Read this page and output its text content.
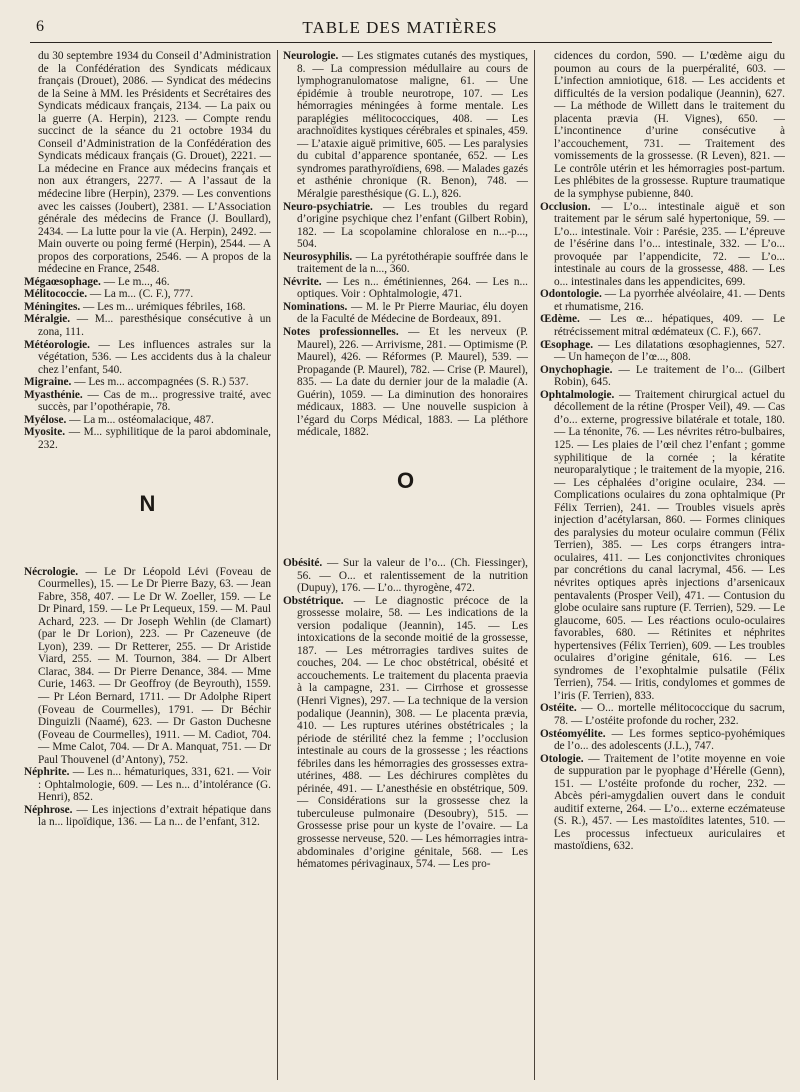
6	TABLE DES MATIÈRES

du 30 septembre 1934 du Conseil d’Administration de la Confédération des Syndicats médicaux français (Drouet), 2086. — Syndicat des médecins de la Seine à MM. les Présidents et Secrétaires des Syndicats médicaux français, 2134. — La paix ou la guerre (A. Herpin), 2123. — Compte rendu succinct de la séance du 21 octobre 1934 du Conseil d’Administration de la Confédération des Syndicats médicaux français (G. Drouet), 2221. — La médecine en France aux médecins français et non aux étrangers, 2277. — A l’assaut de la médecine libre (Herpin), 2379. — Les conventions avec les caisses (Joubert), 2381. — L’Association générale des médecins de France (J. Boullard), 2434. — La lutte pour la vie (A. Herpin), 2492. — Main ouverte ou poing fermé (Herpin), 2544. — A propos des corporations, 2546. — A propos de la médecine en France, 2548.

Mégaœsophage. — Le m..., 46.

Mélitococcie. — La m... (C. F.), 777.

Méningites. — Les m... urémiques fébriles, 168.

Méralgie. — M... paresthésique consécutive à un zona, 111.

Météorologie. — Les influences astrales sur la végétation, 536. — Les accidents dus à la chaleur chez l’enfant, 540.

Migraine. — Les m... accompagnées (S. R.) 537.

Myasthénie. — Cas de m... progressive traité, avec succès, par l’opothérapie, 78.

Myélose. — La m... ostéomalacique, 487.

Myosite. — M... syphilitique de la paroi abdominale, 232.

N

Nécrologie. — Le Dr Léopold Lévi (Foveau de Courmelles), 15. — Le Dr Pierre Bazy, 63. — Jean Fabre, 358, 407. — Le Dr W. Zoeller, 159. — Le Dr Pinard, 159. — Le Pr Lequeux, 159. — M. Paul Achard, 223. — Dr Joseph Wehlin (de Clamart) (par le Dr Lorion), 223. — Pr Cazeneuve (de Lyon), 239. — Dr Retterer, 255. — Dr Aristide Viard, 255. — M. Tournon, 384. — Dr Albert Clarac, 384. — Dr Pierre Denance, 384. — Mme Curie, 1463. — Dr Geoffroy (de Beyrouth), 1559. — Pr Léon Bernard, 1711. — Dr Adolphe Ripert (Foveau de Courmelles), 1791. — Dr Béchir Dinguizli (Naamé), 623. — Dr Gaston Duchesne (Foveau de Courmelles), 1911. — M. Cadiot, 704. — Mme Calot, 704. — Dr A. Manquat, 751. — Dr Paul Thouvenel (d’Antony), 752.

Néphrite. — Les n... hématuriques, 331, 621. — Voir : Ophtalmologie, 609. — Les n... d’intolérance (G. Henri), 852.

Néphrose. — Les injections d’extrait hépatique dans la n... lipoïdique, 136. — La n... de l’enfant, 312.

Neurologie. — Les stigmates cutanés des mystiques, 8. — La compression médullaire au cours de lymphogranulomatose maligne, 61. — Une épidémie à trouble neurotrope, 107. — Les hémorragies méningées à forme mentale. Les paraplégies mélitococciques, 408. — Les arachnoïdites kystiques cérébrales et spinales, 459. — L’ataxie aiguë primitive, 605. — Les paralysies du cubital d’apparence spontanée, 652. — Les syndromes parathyroïdiens, 698. — Malades gazés et asthénie chronique (R. Benon), 748. — Méralgie paresthésique (G. L.), 826.

Neuro-psychiatrie. — Les troubles du regard d’origine psychique chez l’enfant (Gilbert Robin), 182. — La scopolamine chloralose en n...-p..., 504.

Neurosyphilis. — La pyrétothérapie souffrée dans le traitement de la n..., 360.

Névrite. — Les n... émétiniennes, 264. — Les n... optiques. Voir : Ophtalmologie, 471.

Nominations. — M. le Pr Pierre Mauriac, élu doyen de la Faculté de Médecine de Bordeaux, 891.

Notes professionnelles. — Et les nerveux (P. Maurel), 226. — Arrivisme, 281. — Optimisme (P. Maurel), 426. — Réformes (P. Maurel), 539. — Propagande (P. Maurel), 782. — Crise (P. Maurel), 835. — La date du dernier jour de la maladie (A. Guérin), 1059. — La diminution des honoraires médicaux, 1883. — Une nouvelle suspicion à l’égard du Corps Médical, 1883. — La pléthore médicale, 1882.

O

Obésité. — Sur la valeur de l’o... (Ch. Fiessinger), 56. — O... et ralentissement de la nutrition (Dupuy), 176. — L’o... thyrogène, 472.

Obstétrique. — Le diagnostic précoce de la grossesse molaire, 58. — Les indications de la version podalique (Jeannin), 145. — Les intoxications de la seconde moitié de la grossesse, 187. — Les métrorragies tardives suites de couches, 204. — Le choc obstétrical, obésité et accouchements. Le traitement du placenta praevia à la campagne, 231. — Cirrhose et grossesse (Henri Vignes), 297. — La technique de la version podalique (Jeannin), 308. — Le placenta prævia, 410. — Les ruptures utérines obstétricales ; la période de stérilité chez la femme ; l’occlusion intestinale au cours de la grossesse ; les réactions fébriles dans les hémorragies des grossesses extra-utérines, 488. — Les déchirures complètes du périnée, 491. — L’anesthésie en obstétrique, 509. — Considérations sur la grossesse chez la tuberculeuse pulmonaire (Desoubry), 515. — Grossesse prise pour un kyste de l’ovaire. — La grossesse nerveuse, 520. — Les hémorragies intra-abdominales d’origine génitale, 568. — Les hématomes périvaginaux, 574. — Les pro-

cidences du cordon, 590. — L’œdème aigu du poumon au cours de la puerpéralité, 603. — L’infection amniotique, 618. — Les accidents et difficultés de la version podalique (Jeannin), 627. — La méthode de Willett dans le traitement du placenta prævia (H. Vignes), 650. — L’incontinence d’urine consécutive à l’accouchement, 731. — Traitement des vomissements de la grossesse. (R Leven), 821. — Le contrôle utérin et les hémorragies post-partum. Les phlébites de la grossesse. Rupture traumatique de la symphyse pubienne, 840.

Occlusion. — L’o... intestinale aiguë et son traitement par le sérum salé hypertonique, 59. — L’o... intestinale. Voir : Parésie, 235. — L’épreuve de l’ésérine dans l’o... intestinale, 332. — L’o... provoquée par l’appendicite, 72. — L’o... intestinale au cours de la grossesse, 488. — Les o... intestinales dans les appendicites, 699.

Odontologie. — La pyorrhée alvéolaire, 41. — Dents et rhumatisme, 216.

Œdème. — Les œ... hépatiques, 409. — Le rétrécissement mitral œdémateux (C. F.), 667.

Œsophage. — Les dilatations œsophagiennes, 527. — Un hameçon de l’œ..., 808.

Onychophagie. — Le traitement de l’o... (Gilbert Robin), 645.

Ophtalmologie. — Traitement chirurgical actuel du décollement de la rétine (Prosper Veil), 49. — Cas d’o... externe, progressive bilatérale et totale, 180. — La ténonite, 76. — Les névrites rétro-bulbaires, 125. — Les plaies de l’œil chez l’enfant ; gomme syphilitique de la cornée ; la kératite neuroparalytique ; le traitement de la myopie, 216. — Les céphalées d’origine oculaire, 234. — Complications oculaires du zona ophtalmique (Pr Félix Terrien), 241. — Troubles visuels après injection d’acétylarsan, 860. — Formes cliniques des paralysies du moteur oculaire commun (Félix Terrien), 385. — Les corps étrangers intra-oculaires, 411. — Les conjonctivites chroniques par concrétions du canal lacrymal, 456. — Les névrites optiques après injections d’arsenicaux pentavalents (Prosper Veil), 471. — Contusion du globe oculaire sans rupture (F. Terrien), 529. — Le glaucome, 605. — Les réactions oculo-oculaires favorables, 680. — Rétinites et néphrites hypertensives (Félix Terrien), 609. — Les troubles oculaires d’origine génitale, 616. — Les syndromes de l’exophtalmie pulsatile (Félix Terrien), 754. — Iritis, condylomes et gommes de l’iris (F. Terrien), 833.

Ostéite. — O... mortelle mélitococcique du sacrum, 78. — L’ostéite profonde du rocher, 232.

Ostéomyélite. — Les formes septico-pyohémiques de l’o... des adolescents (J.L.), 747.

Otologie. — Traitement de l’otite moyenne en voie de suppuration par le pyophage d’Hérelle (Genn), 151. — L’ostéite profonde du rocher, 232. — Abcès péri-amygdalien ouvert dans le conduit auditif externe, 264. — L’o... externe eczémateuse (S. R.), 457. — Les mastoïdites latentes, 510. — Les processus infectueux auriculaires et mastoïdiens, 632.
